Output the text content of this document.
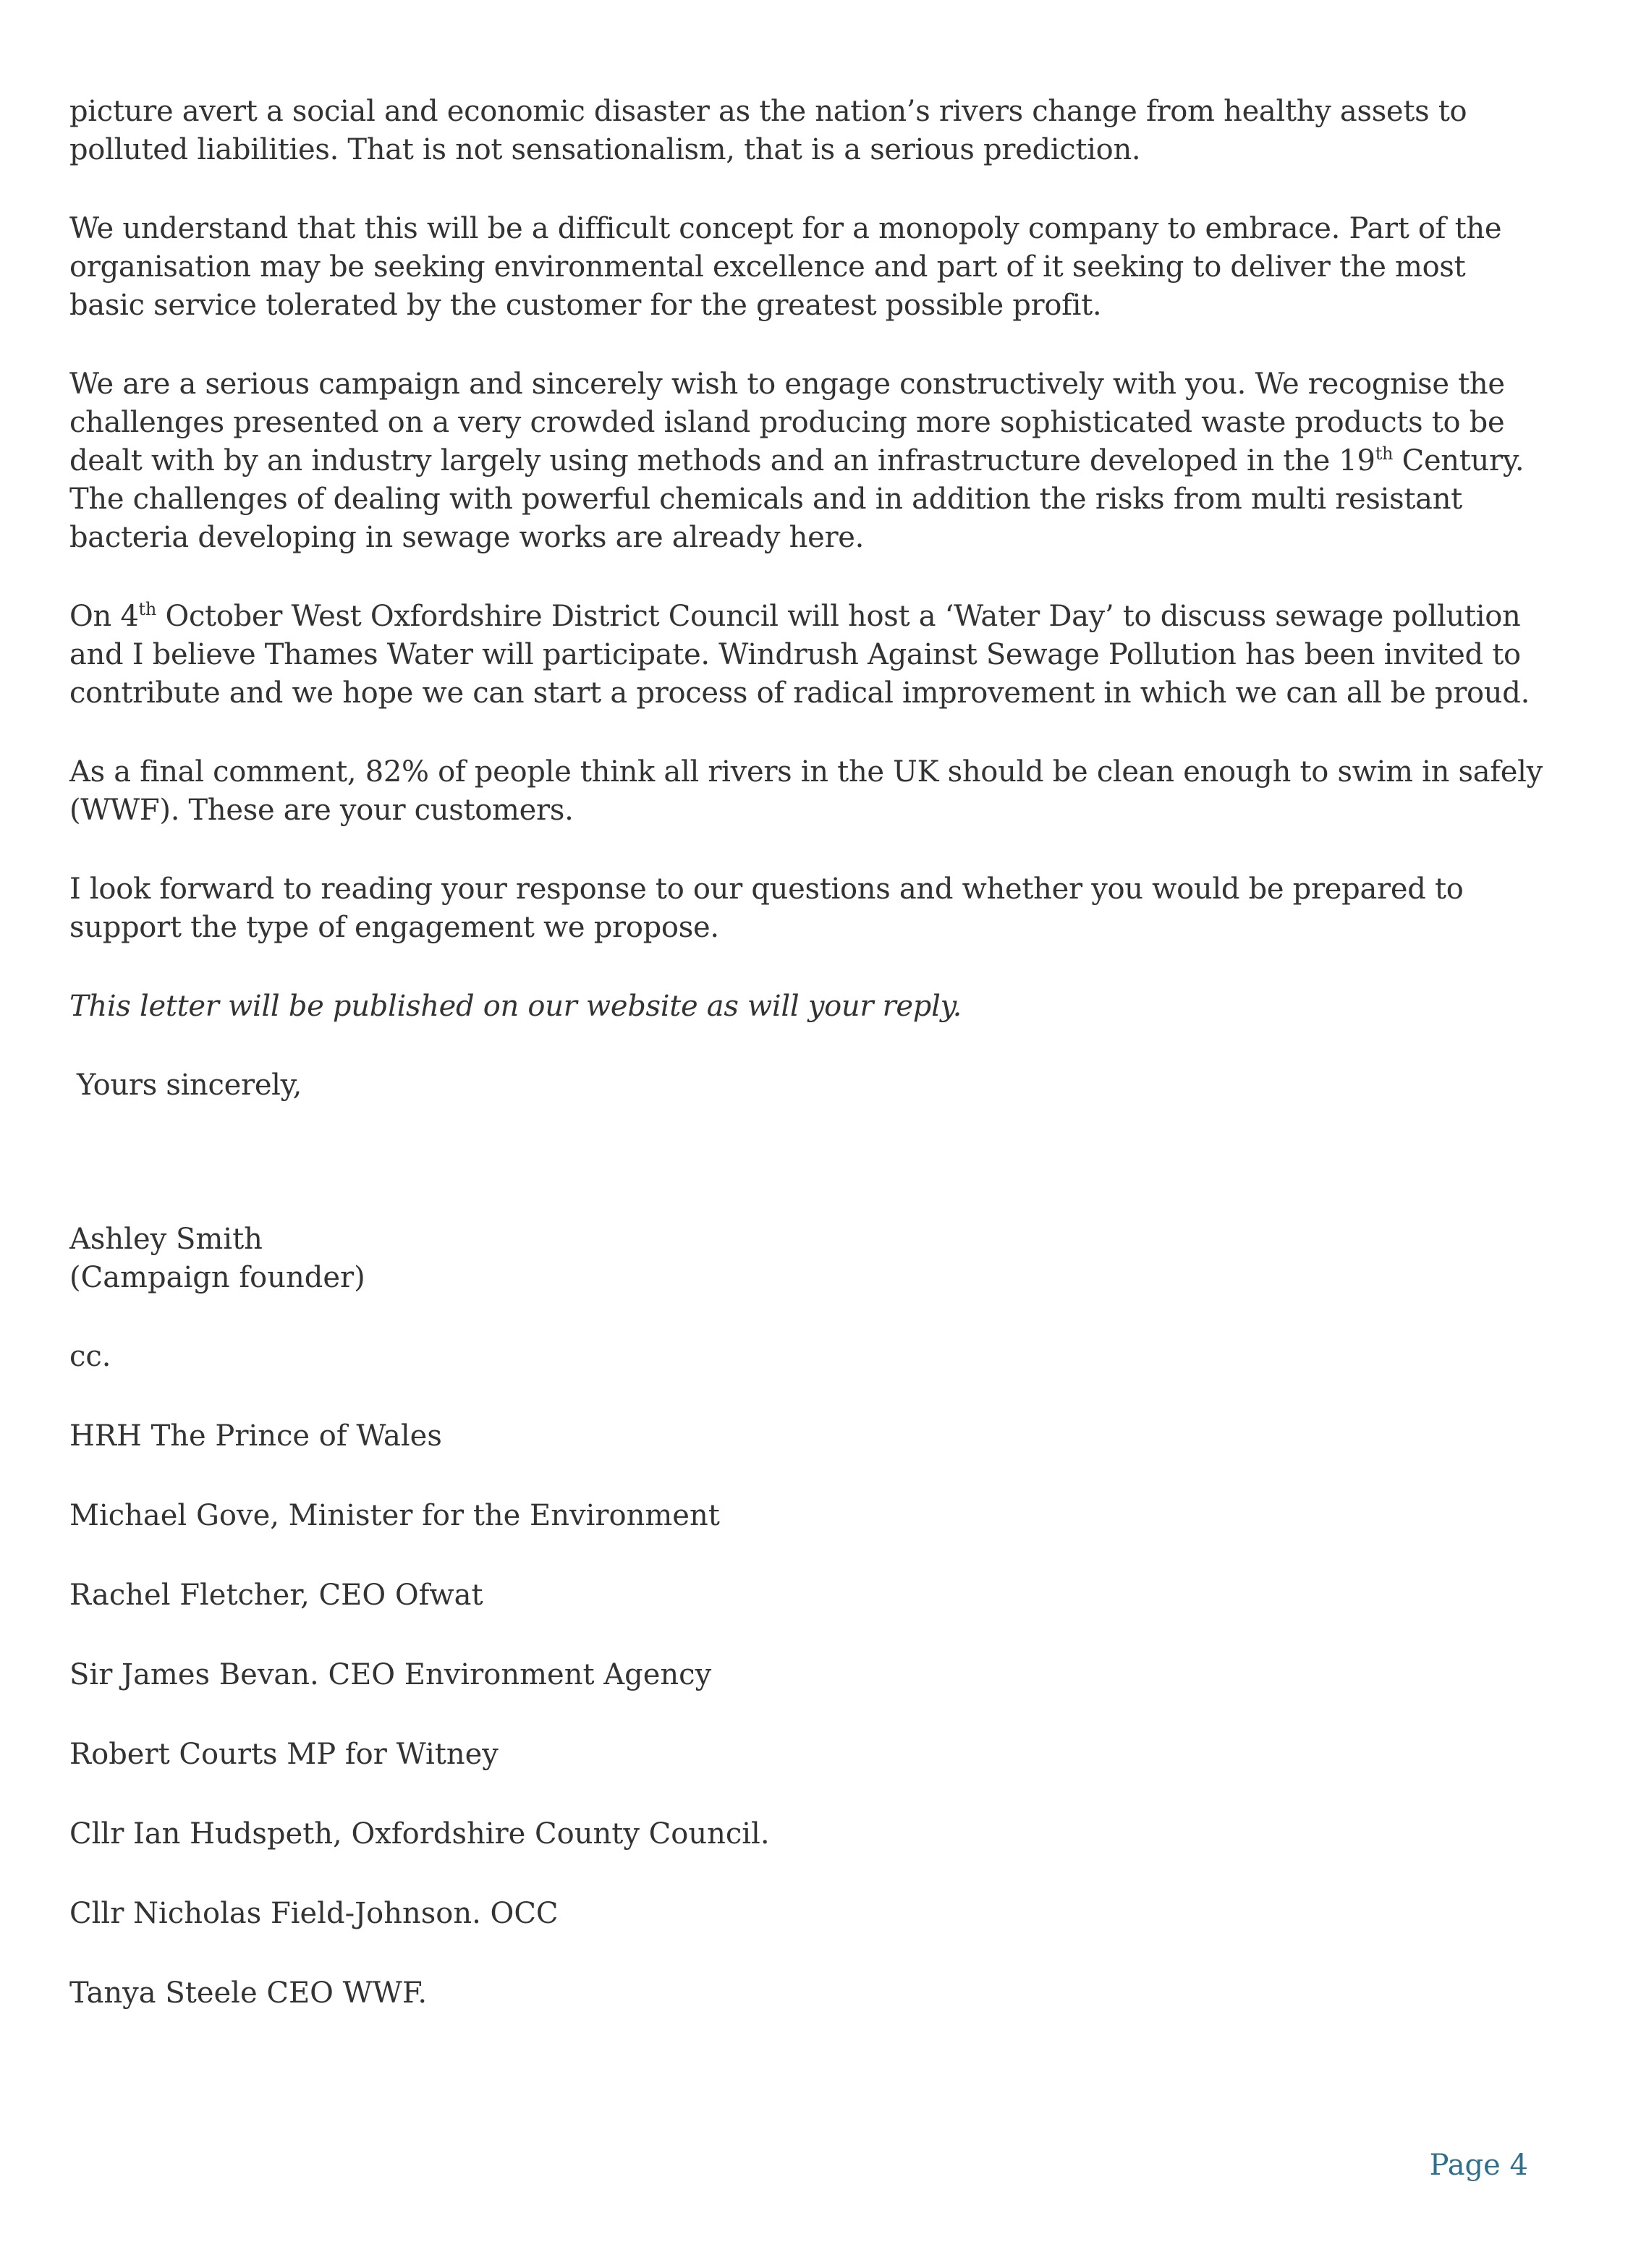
picture avert a social and economic disaster as the nation’s rivers change from healthy assets to polluted liabilities. That is not sensationalism, that is a serious prediction.

We understand that this will be a difficult concept for a monopoly company to embrace. Part of the organisation may be seeking environmental excellence and part of it seeking to deliver the most basic service tolerated by the customer for the greatest possible profit.

We are a serious campaign and sincerely wish to engage constructively with you. We recognise the challenges presented on a very crowded island producing more sophisticated waste products to be dealt with by an industry largely using methods and an infrastructure developed in the 19th Century. The challenges of dealing with powerful chemicals and in addition the risks from multi resistant bacteria developing in sewage works are already here.

On 4th October West Oxfordshire District Council will host a ‘Water Day’ to discuss sewage pollution and I believe Thames Water will participate. Windrush Against Sewage Pollution has been invited to contribute and we hope we can start a process of radical improvement in which we can all be proud.

As a final comment, 82% of people think all rivers in the UK should be clean enough to swim in safely (WWF). These are your customers.

I look forward to reading your response to our questions and whether you would be prepared to support the type of engagement we propose.

This letter will be published on our website as will your reply.

Yours sincerely,

Ashley Smith
(Campaign founder)
cc.
HRH The Prince of Wales
Michael Gove, Minister for the Environment
Rachel Fletcher, CEO Ofwat
Sir James Bevan. CEO Environment Agency
Robert Courts MP for Witney
Cllr Ian Hudspeth, Oxfordshire County Council.
Cllr Nicholas Field-Johnson. OCC
Tanya Steele CEO WWF.
Page 4
